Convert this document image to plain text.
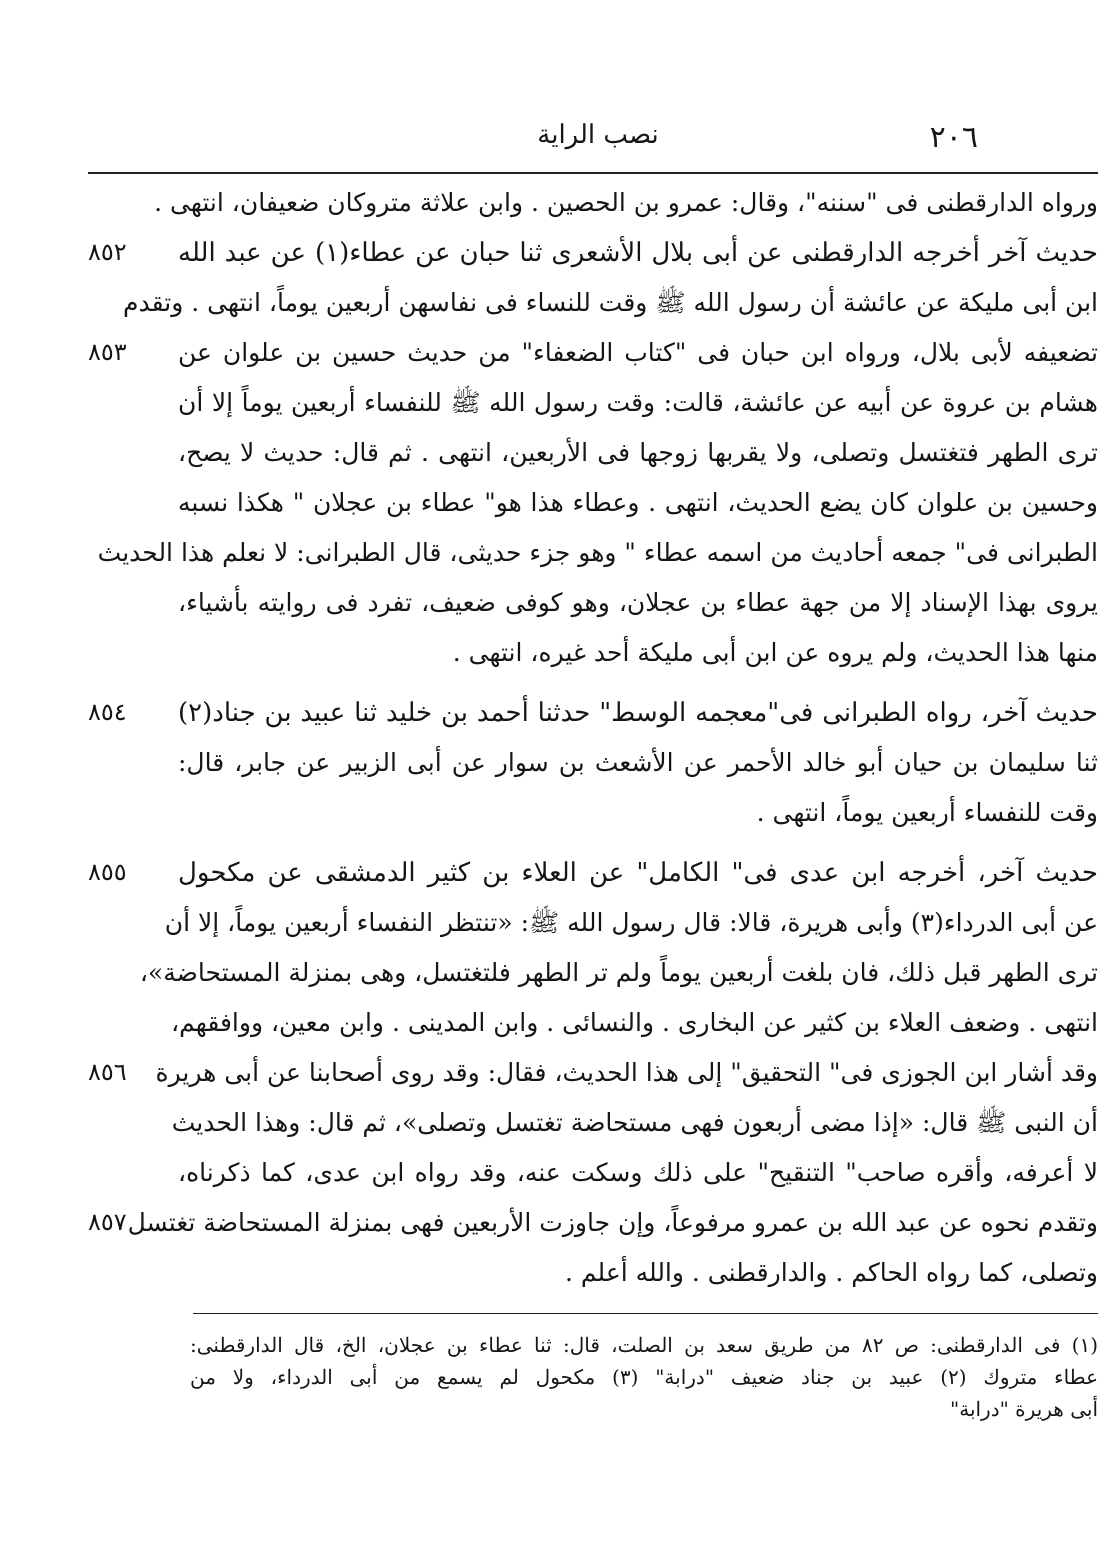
٢٠٦
نصب الراية
ورواه الدارقطنى فى "سننه"، وقال: عمرو بن الحصين . وابن علاثة متروكان ضعيفان، انتهى .
حديث آخر أخرجه الدارقطنى عن أبى بلال الأشعرى ثنا حبان عن عطاء(١) عن عبد الله
٨٥٢
ابن أبى مليكة عن عائشة أن رسول الله ﷺ وقت للنساء فى نفاسهن أربعين يوماً، انتهى . وتقدم
تضعيفه لأبى بلال، ورواه ابن حبان فى "كتاب الضعفاء" من حديث حسين بن علوان عن
٨٥٣
هشام بن عروة عن أبيه عن عائشة، قالت: وقت رسول الله ﷺ للنفساء أربعين يوماً إلا أن
ترى الطهر فتغتسل وتصلى، ولا يقربها زوجها فى الأربعين، انتهى . ثم قال: حديث لا يصح،
وحسين بن علوان كان يضع الحديث، انتهى . وعطاء هذا هو" عطاء بن عجلان " هكذا نسبه
الطبرانى فى" جمعه أحاديث من اسمه عطاء " وهو جزء حديثى، قال الطبرانى: لا نعلم هذا الحديث
يروى بهذا الإسناد إلا من جهة عطاء بن عجلان، وهو كوفى ضعيف، تفرد فى روايته بأشياء،
منها هذا الحديث، ولم يروه عن ابن أبى مليكة أحد غيره، انتهى .
حديث آخر، رواه الطبرانى فى"معجمه الوسط" حدثنا أحمد بن خليد ثنا عبيد بن جناد(٢)
٨٥٤
ثنا سليمان بن حيان أبو خالد الأحمر عن الأشعث بن سوار عن أبى الزبير عن جابر، قال:
وقت للنفساء أربعين يوماً، انتهى .
حديث آخر، أخرجه ابن عدى فى" الكامل" عن العلاء بن كثير الدمشقى عن مكحول
٨٥٥
عن أبى الدرداء(٣) وأبى هريرة، قالا: قال رسول الله ﷺ: «تنتظر النفساء أربعين يوماً، إلا أن
ترى الطهر قبل ذلك، فان بلغت أربعين يوماً ولم تر الطهر فلتغتسل، وهى بمنزلة المستحاضة»،
انتهى . وضعف العلاء بن كثير عن البخارى . والنسائى . وابن المدينى . وابن معين، ووافقهم،
وقد أشار ابن الجوزى فى" التحقيق" إلى هذا الحديث، فقال: وقد روى أصحابنا عن أبى هريرة
٨٥٦
أن النبى ﷺ قال: «إذا مضى أربعون فهى مستحاضة تغتسل وتصلى»، ثم قال: وهذا الحديث
لا أعرفه، وأقره صاحب" التنقيح" على ذلك وسكت عنه، وقد رواه ابن عدى، كما ذكرناه،
وتقدم نحوه عن عبد الله بن عمرو مرفوعاً، وإن جاوزت الأربعين فهى بمنزلة المستحاضة تغتسل
٨٥٧
وتصلى، كما رواه الحاكم . والدارقطنى . والله أعلم .
(١) فى الدارقطنى: ص ٨٢ من طريق سعد بن الصلت، قال: ثنا عطاء بن عجلان، الخ، قال الدارقطنى:
عطاء متروك (٢) عبيد بن جناد ضعيف "درابة" (٣) مكحول لم يسمع من أبى الدرداء، ولا من
أبى هريرة "درابة"
